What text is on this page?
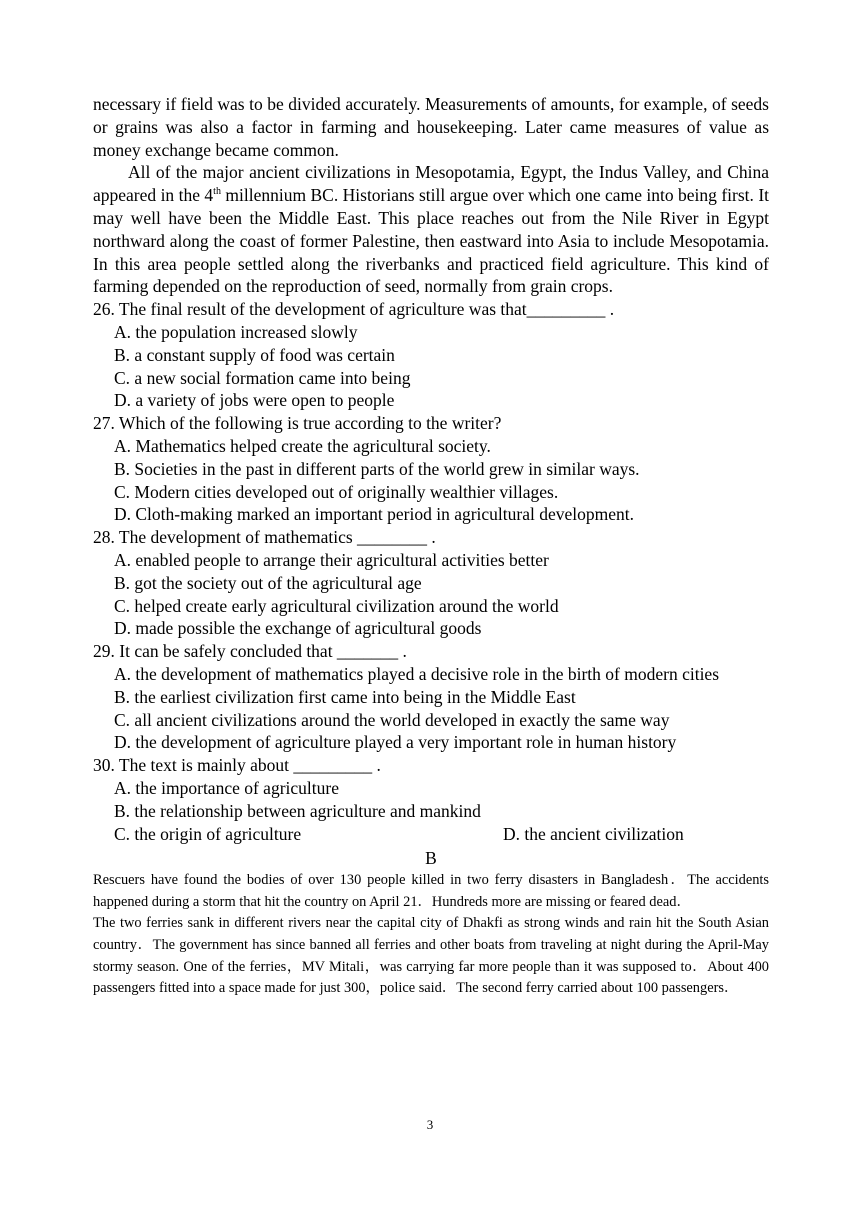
necessary if field was to be divided accurately. Measurements of amounts, for example, of seeds or grains was also a factor in farming and housekeeping. Later came measures of value as money exchange became common.

All of the major ancient civilizations in Mesopotamia, Egypt, the Indus Valley, and China appeared in the 4th millennium BC. Historians still argue over which one came into being first. It may well have been the Middle East. This place reaches out from the Nile River in Egypt northward along the coast of former Palestine, then eastward into Asia to include Mesopotamia. In this area people settled along the riverbanks and practiced field agriculture. This kind of farming depended on the reproduction of seed, normally from grain crops.

26. The final result of the development of agriculture was that_________ .

A. the population increased slowly

B. a constant supply of food was certain

C. a new social formation came into being

D. a variety of jobs were open to people

27. Which of the following is true according to the writer?

A. Mathematics helped create the agricultural society.

B. Societies in the past in different parts of the world grew in similar ways.

C. Modern cities developed out of originally wealthier villages.

D. Cloth-making marked an important period in agricultural development.

28. The development of mathematics ________ .

A. enabled people to arrange their agricultural activities better

B. got the society out of the agricultural age

C. helped create early agricultural civilization around the world

D. made possible the exchange of agricultural goods

29. It can be safely concluded that _______ .

A. the development of mathematics played a decisive role in the birth of modern cities

B. the earliest civilization first came into being in the Middle East

C. all ancient civilizations around the world developed in exactly the same way

D. the development of agriculture played a very important role in human history

30. The text is mainly about _________ .

A. the importance of agriculture

B. the relationship between agriculture and mankind

C. the origin of agriculture	D. the ancient civilization
B

Rescuers have found the bodies of over 130 people killed in two ferry disasters in Bangladesh．The accidents happened during a storm that hit the country on April 21．Hundreds more are missing or feared dead．

The two ferries sank in different rivers near the capital city of Dhakfi as strong winds and rain hit the South Asian country．The government has since banned all ferries and other boats from traveling at night during the April-May stormy season. One of the ferries，MV Mitali，was carrying far more people than it was supposed to．About 400 passengers fitted into a space made for just 300，police said．The second ferry carried about 100 passengers．

3
